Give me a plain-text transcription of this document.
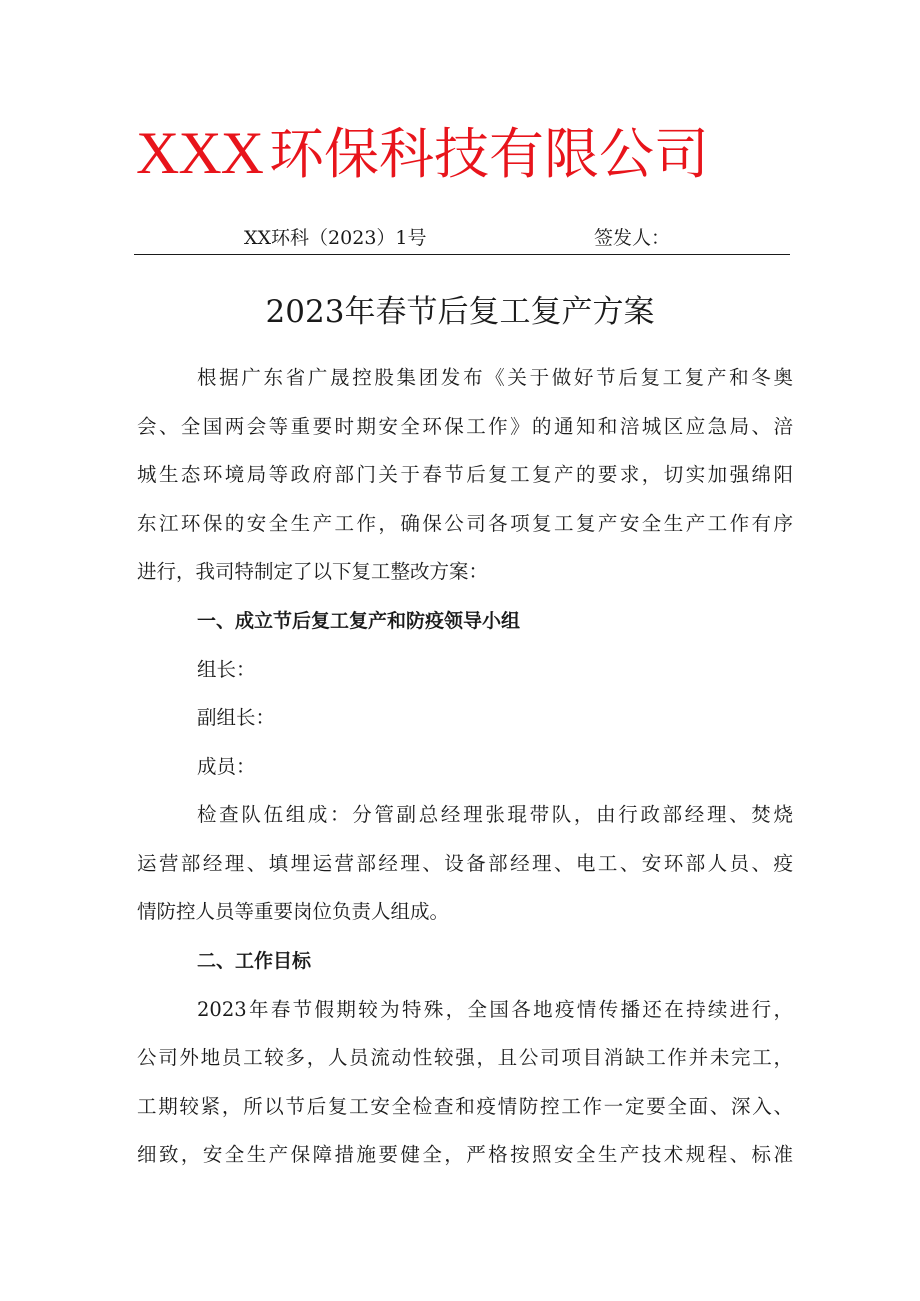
XXX 环保科技有限公司
XX环科（2023）1号	签发人：
2023年春节后复工复产方案
根据广东省广晟控股集团发布《关于做好节后复工复产和冬奥
会、全国两会等重要时期安全环保工作》的通知和涪城区应急局、涪
城生态环境局等政府部门关于春节后复工复产的要求，切实加强绵阳
东江环保的安全生产工作，确保公司各项复工复产安全生产工作有序
进行，我司特制定了以下复工整改方案：
一、成立节后复工复产和防疫领导小组
组长：
副组长：
成员：
检查队伍组成：分管副总经理张琨带队，由行政部经理、焚烧
运营部经理、填埋运营部经理、设备部经理、电工、安环部人员、疫
情防控人员等重要岗位负责人组成。
二、工作目标
2023年春节假期较为特殊，全国各地疫情传播还在持续进行，
公司外地员工较多，人员流动性较强，且公司项目消缺工作并未完工，
工期较紧，所以节后复工安全检查和疫情防控工作一定要全面、深入、
细致，安全生产保障措施要健全，严格按照安全生产技术规程、标准
